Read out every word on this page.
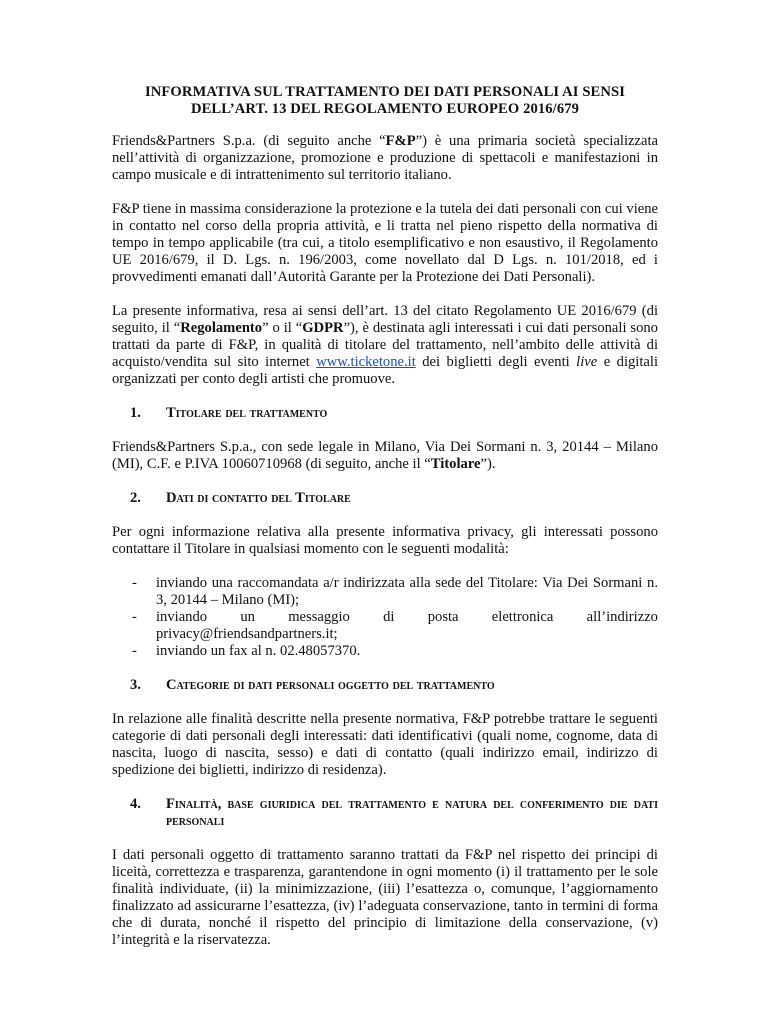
INFORMATIVA SUL TRATTAMENTO DEI DATI PERSONALI AI SENSI
DELL’ART. 13 DEL REGOLAMENTO EUROPEO 2016/679

Friends&Partners S.p.a. (di seguito anche “F&P”) è una primaria società specializzata nell’attività di organizzazione, promozione e produzione di spettacoli e manifestazioni in campo musicale e di intrattenimento sul territorio italiano.

F&P tiene in massima considerazione la protezione e la tutela dei dati personali con cui viene in contatto nel corso della propria attività, e li tratta nel pieno rispetto della normativa di tempo in tempo applicabile (tra cui, a titolo esemplificativo e non esaustivo, il Regolamento UE 2016/679, il D. Lgs. n. 196/2003, come novellato dal D Lgs. n. 101/2018, ed i provvedimenti emanati dall’Autorità Garante per la Protezione dei Dati Personali).

La presente informativa, resa ai sensi dell’art. 13 del citato Regolamento UE 2016/679 (di seguito, il “Regolamento” o il “GDPR”), è destinata agli interessati i cui dati personali sono trattati da parte di F&P, in qualità di titolare del trattamento, nell’ambito delle attività di acquisto/vendita sul sito internet www.ticketone.it dei biglietti degli eventi live e digitali organizzati per conto degli artisti che promuove.

1.	Titolare del trattamento

Friends&Partners S.p.a., con sede legale in Milano, Via Dei Sormani n. 3, 20144 – Milano (MI), C.F. e P.IVA 10060710968 (di seguito, anche il “Titolare”).

2.	Dati di contatto del Titolare

Per ogni informazione relativa alla presente informativa privacy, gli interessati possono contattare il Titolare in qualsiasi momento con le seguenti modalità:

-	inviando una raccomandata a/r indirizzata alla sede del Titolare: Via Dei Sormani n. 3, 20144 – Milano (MI);
-	inviando un messaggio di posta elettronica all’indirizzo
privacy@friendsandpartners.it;
-	inviando un fax al n. 02.48057370.
3.	Categorie di dati personali oggetto del trattamento

In relazione alle finalità descritte nella presente normativa, F&P potrebbe trattare le seguenti categorie di dati personali degli interessati: dati identificativi (quali nome, cognome, data di nascita, luogo di nascita, sesso) e dati di contatto (quali indirizzo email, indirizzo di spedizione dei biglietti, indirizzo di residenza).

4.	Finalità, base giuridica del trattamento e natura del conferimento die dati personali

I dati personali oggetto di trattamento saranno trattati da F&P nel rispetto dei principi di liceità, correttezza e trasparenza, garantendone in ogni momento (i) il trattamento per le sole finalità individuate, (ii) la minimizzazione, (iii) l’esattezza o, comunque, l’aggiornamento finalizzato ad assicurarne l’esattezza, (iv) l’adeguata conservazione, tanto in termini di forma che di durata, nonché il rispetto del principio di limitazione della conservazione, (v) l’integrità e la riservatezza.
